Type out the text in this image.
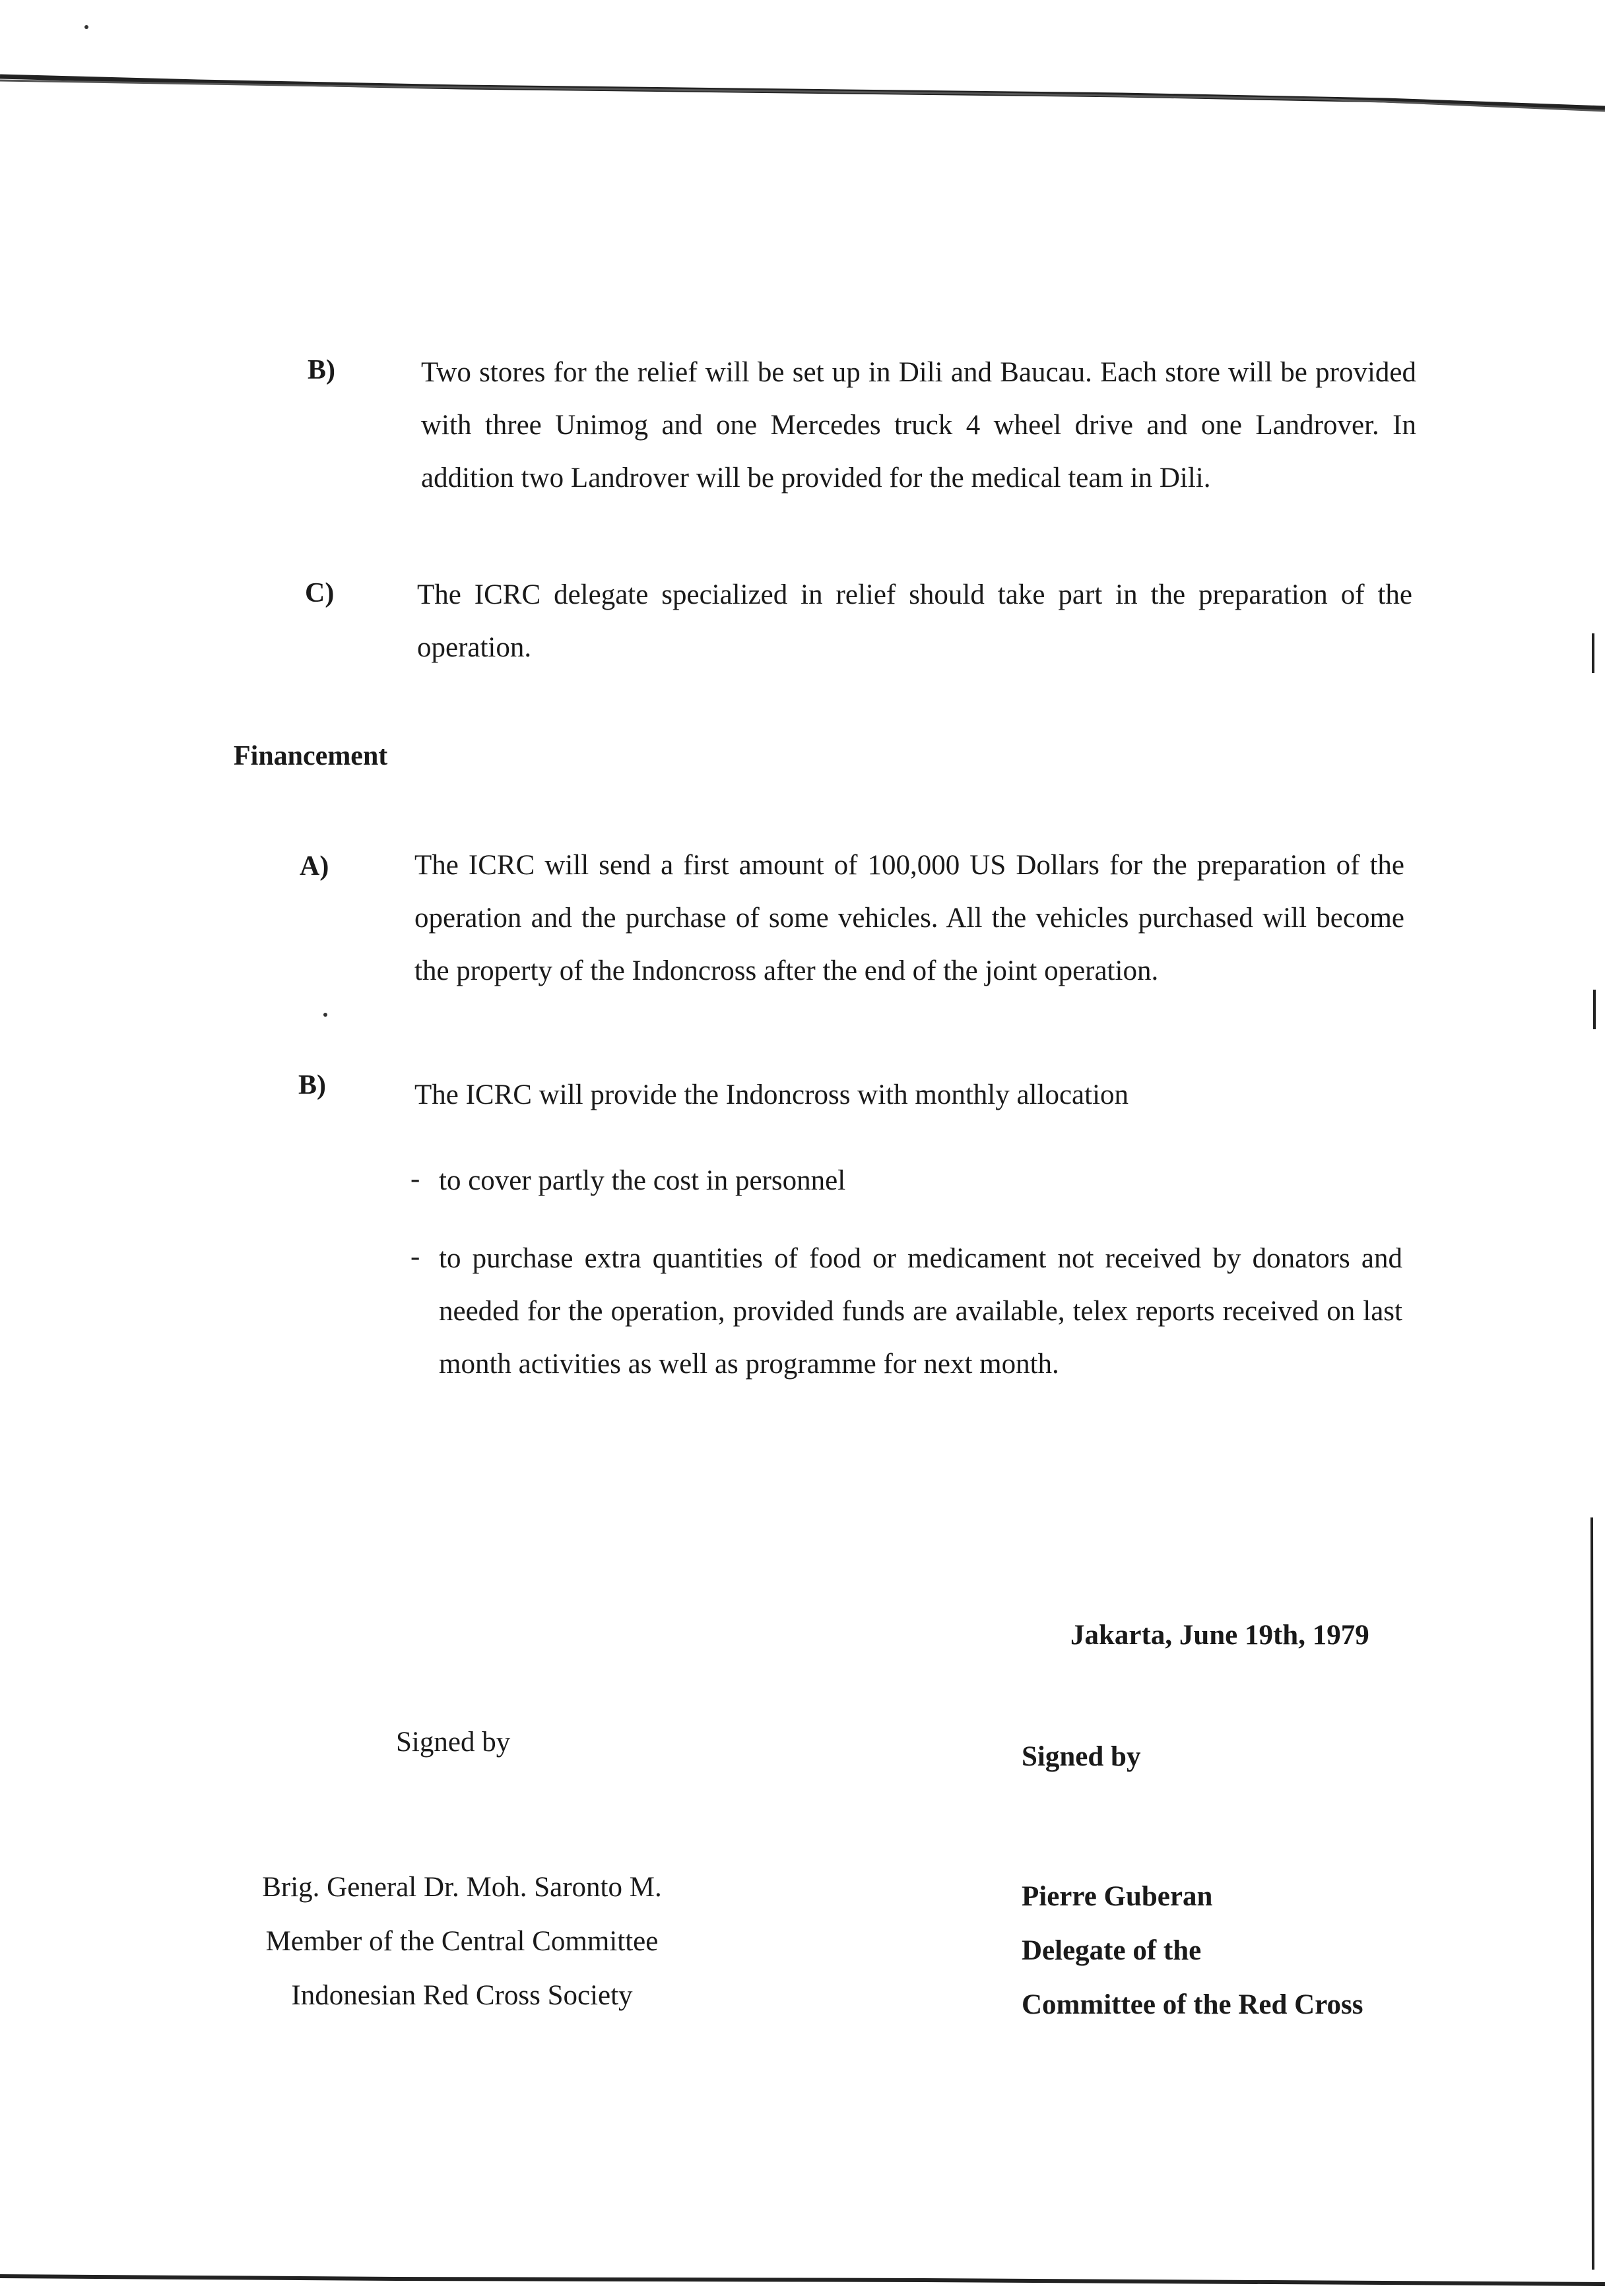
B)	Two stores for the relief will be set up in Dili and Baucau. Each store will be provided with three Unimog and one Mercedes truck 4 wheel drive and one Landrover. In addition two Landrover will be provided for the medical team in Dili.
C)	The ICRC delegate specialized in relief should take part in the preparation of the operation.
Financement
A)	The ICRC will send a first amount of 100,000 US Dollars for the preparation of the operation and the purchase of some vehicles. All the vehicles purchased will become the property of the Indoncross after the end of the joint operation.
B)	The ICRC will provide the Indoncross with monthly allocation
- to cover partly the cost in personnel
- to purchase extra quantities of food or medicament not received by donators and needed for the operation, provided funds are available, telex reports received on last month activities as well as programme for next month.
Jakarta, June 19th, 1979
Signed by
Brig. General Dr. Moh. Saronto M.
Member of the Central Committee
Indonesian Red Cross Society
Signed by
Pierre Guberan
Delegate of the
Committee of the Red Cross
